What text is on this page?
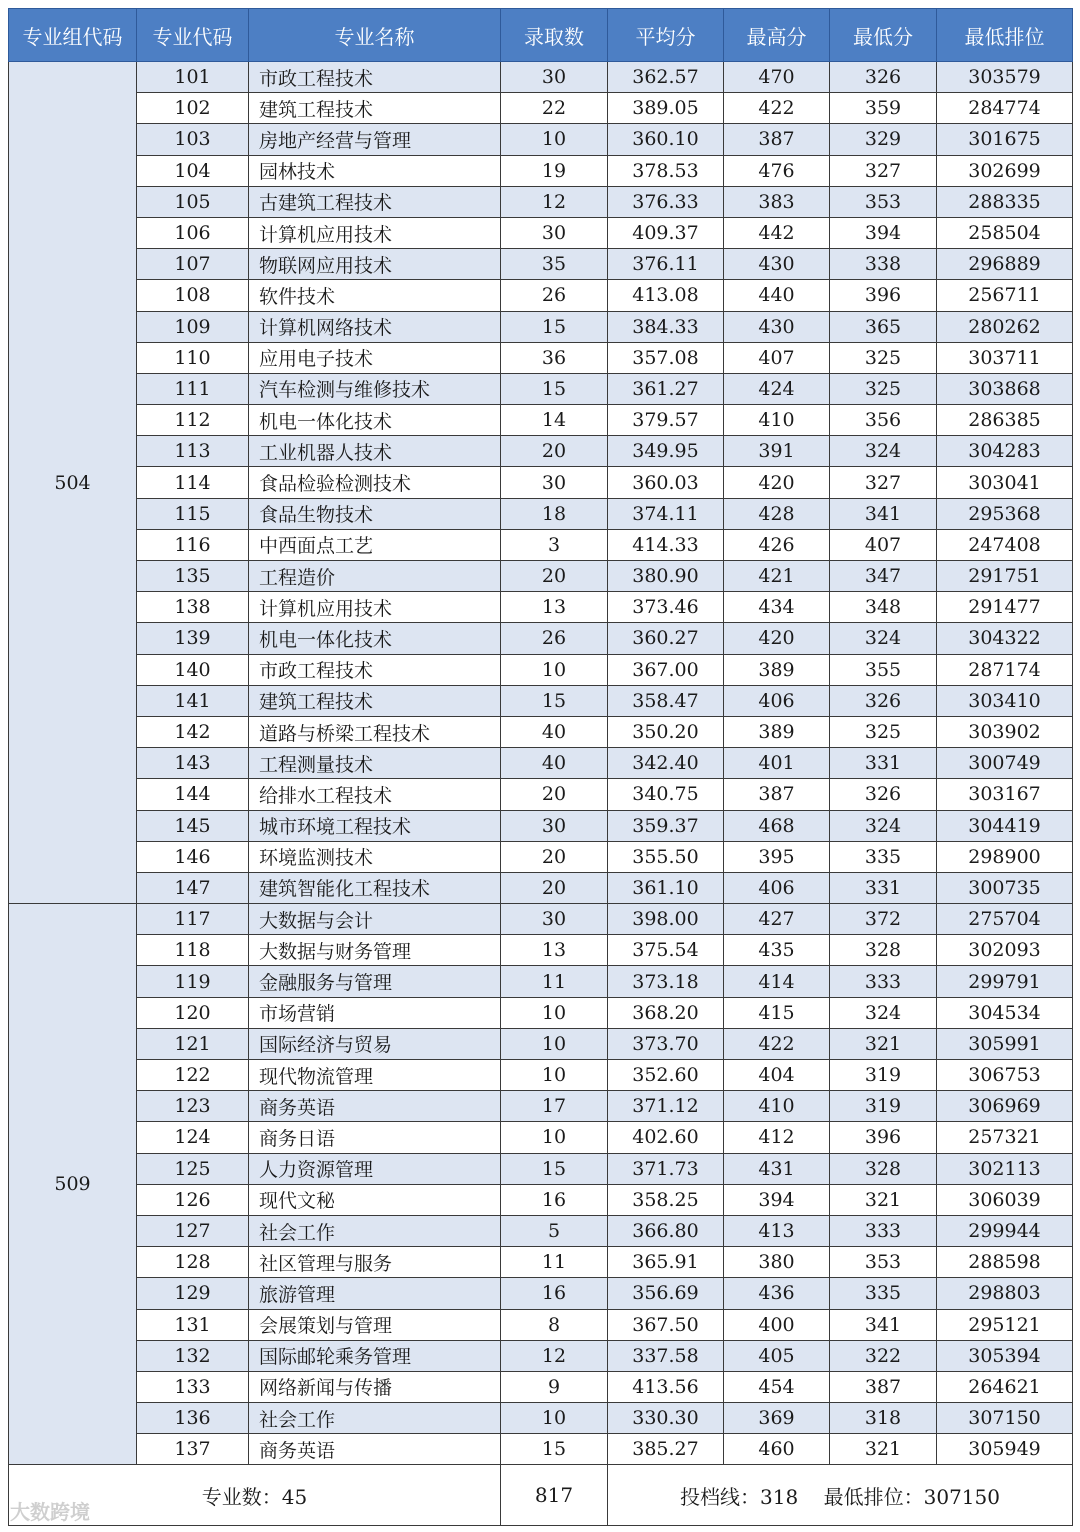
专业组代码	专业代码	专业名称	录取数	平均分	最高分	最低分	最低排位
504	101	市政工程技术	30	362.57	470	326	303579
	102	建筑工程技术	22	389.05	422	359	284774
	103	房地产经营与管理	10	360.10	387	329	301675
	104	园林技术	19	378.53	476	327	302699
	105	古建筑工程技术	12	376.33	383	353	288335
	106	计算机应用技术	30	409.37	442	394	258504
	107	物联网应用技术	35	376.11	430	338	296889
	108	软件技术	26	413.08	440	396	256711
	109	计算机网络技术	15	384.33	430	365	280262
	110	应用电子技术	36	357.08	407	325	303711
	111	汽车检测与维修技术	15	361.27	424	325	303868
	112	机电一体化技术	14	379.57	410	356	286385
	113	工业机器人技术	20	349.95	391	324	304283
	114	食品检验检测技术	30	360.03	420	327	303041
	115	食品生物技术	18	374.11	428	341	295368
	116	中西面点工艺	3	414.33	426	407	247408
	135	工程造价	20	380.90	421	347	291751
	138	计算机应用技术	13	373.46	434	348	291477
	139	机电一体化技术	26	360.27	420	324	304322
	140	市政工程技术	10	367.00	389	355	287174
	141	建筑工程技术	15	358.47	406	326	303410
	142	道路与桥梁工程技术	40	350.20	389	325	303902
	143	工程测量技术	40	342.40	401	331	300749
	144	给排水工程技术	20	340.75	387	326	303167
	145	城市环境工程技术	30	359.37	468	324	304419
	146	环境监测技术	20	355.50	395	335	298900
	147	建筑智能化工程技术	20	361.10	406	331	300735
509	117	大数据与会计	30	398.00	427	372	275704
	118	大数据与财务管理	13	375.54	435	328	302093
	119	金融服务与管理	11	373.18	414	333	299791
	120	市场营销	10	368.20	415	324	304534
	121	国际经济与贸易	10	373.70	422	321	305991
	122	现代物流管理	10	352.60	404	319	306753
	123	商务英语	17	371.12	410	319	306969
	124	商务日语	10	402.60	412	396	257321
	125	人力资源管理	15	371.73	431	328	302113
	126	现代文秘	16	358.25	394	321	306039
	127	社会工作	5	366.80	413	333	299944
	128	社区管理与服务	11	365.91	380	353	288598
	129	旅游管理	16	356.69	436	335	298803
	131	会展策划与管理	8	367.50	400	341	295121
	132	国际邮轮乘务管理	12	337.58	405	322	305394
	133	网络新闻与传播	9	413.56	454	387	264621
	136	社会工作	10	330.30	369	318	307150
	137	商务英语	15	385.27	460	321	305949
专业数：45			817	投档线：318    最低排位：307150			
大数跨境
